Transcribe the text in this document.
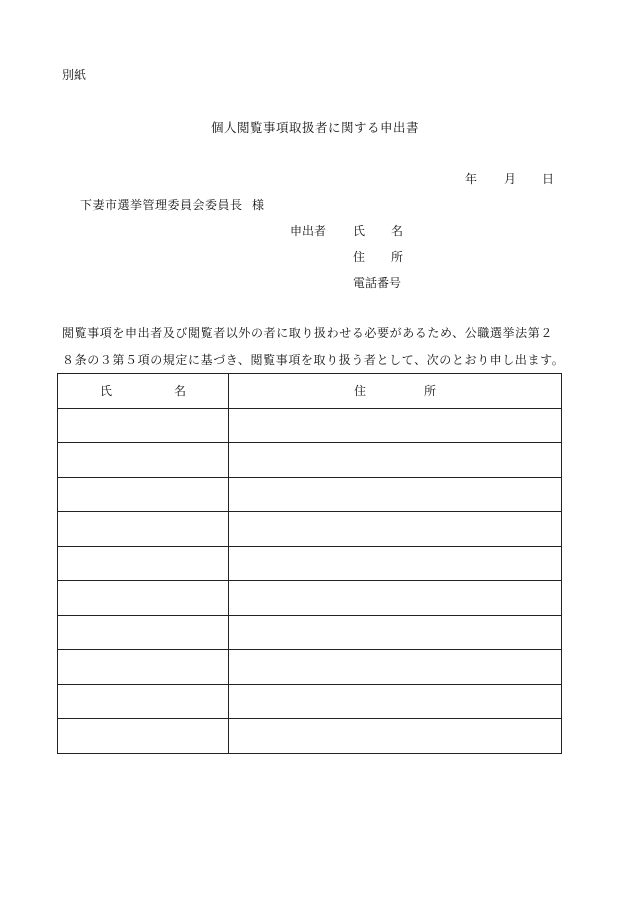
別紙
個人閲覧事項取扱者に関する申出書
年 月 日
下妻市選挙管理委員会委員長 様
申出者 氏 名
住 所
電話番号
閲覧事項を申出者及び閲覧者以外の者に取り扱わせる必要があるため、公職選挙法第２
８条の３第５項の規定に基づき、閲覧事項を取り扱う者として、次のとおり申し出ます。
氏 名	住 所
